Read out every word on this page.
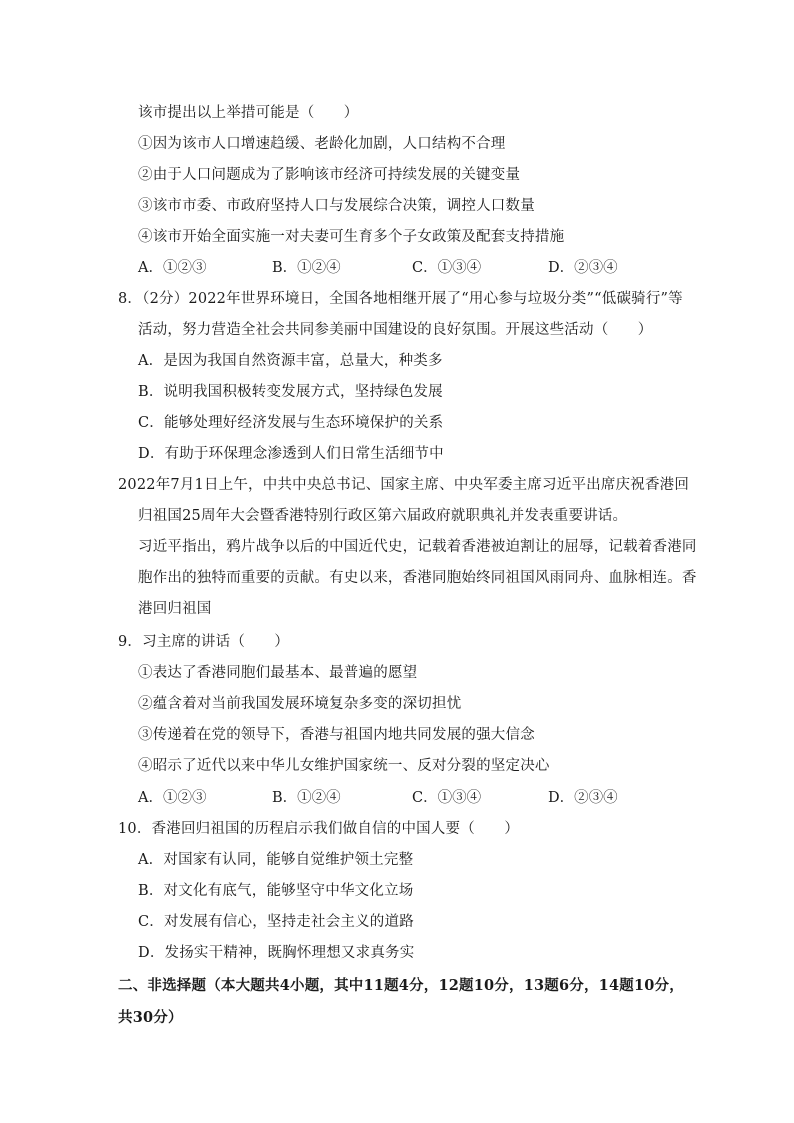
该市提出以上举措可能是（　　）
①因为该市人口增速趋缓、老龄化加剧，人口结构不合理
②由于人口问题成为了影响该市经济可持续发展的关键变量
③该市市委、市政府坚持人口与发展综合决策，调控人口数量
④该市开始全面实施一对夫妻可生育多个子女政策及配套支持措施
A．①②③	B．①②④	C．①③④	D．②③④
8．（2分）2022年世界环境日，全国各地相继开展了“用心参与垃圾分类”“低碳骑行”等
活动，努力营造全社会共同参美丽中国建设的良好氛围。开展这些活动（　　）
A．是因为我国自然资源丰富，总量大，种类多
B．说明我国积极转变发展方式，坚持绿色发展
C．能够处理好经济发展与生态环境保护的关系
D．有助于环保理念渗透到人们日常生活细节中
2022年7月1日上午，中共中央总书记、国家主席、中央军委主席习近平出席庆祝香港回
归祖国25周年大会暨香港特别行政区第六届政府就职典礼并发表重要讲话。
习近平指出，鸦片战争以后的中国近代史，记载着香港被迫割让的屈辱，记载着香港同
胞作出的独特而重要的贡献。有史以来，香港同胞始终同祖国风雨同舟、血脉相连。香
港回归祖国
9．习主席的讲话（　　）
①表达了香港同胞们最基本、最普遍的愿望
②蕴含着对当前我国发展环境复杂多变的深切担忧
③传递着在党的领导下，香港与祖国内地共同发展的强大信念
④昭示了近代以来中华儿女维护国家统一、反对分裂的坚定决心
A．①②③	B．①②④	C．①③④	D．②③④
10．香港回归祖国的历程启示我们做自信的中国人要（　　）
A．对国家有认同，能够自觉维护领土完整
B．对文化有底气，能够坚守中华文化立场
C．对发展有信心，坚持走社会主义的道路
D．发扬实干精神，既胸怀理想又求真务实
二、非选择题（本大题共4小题，其中11题4分，12题10分，13题6分，14题10分，
共30分）
